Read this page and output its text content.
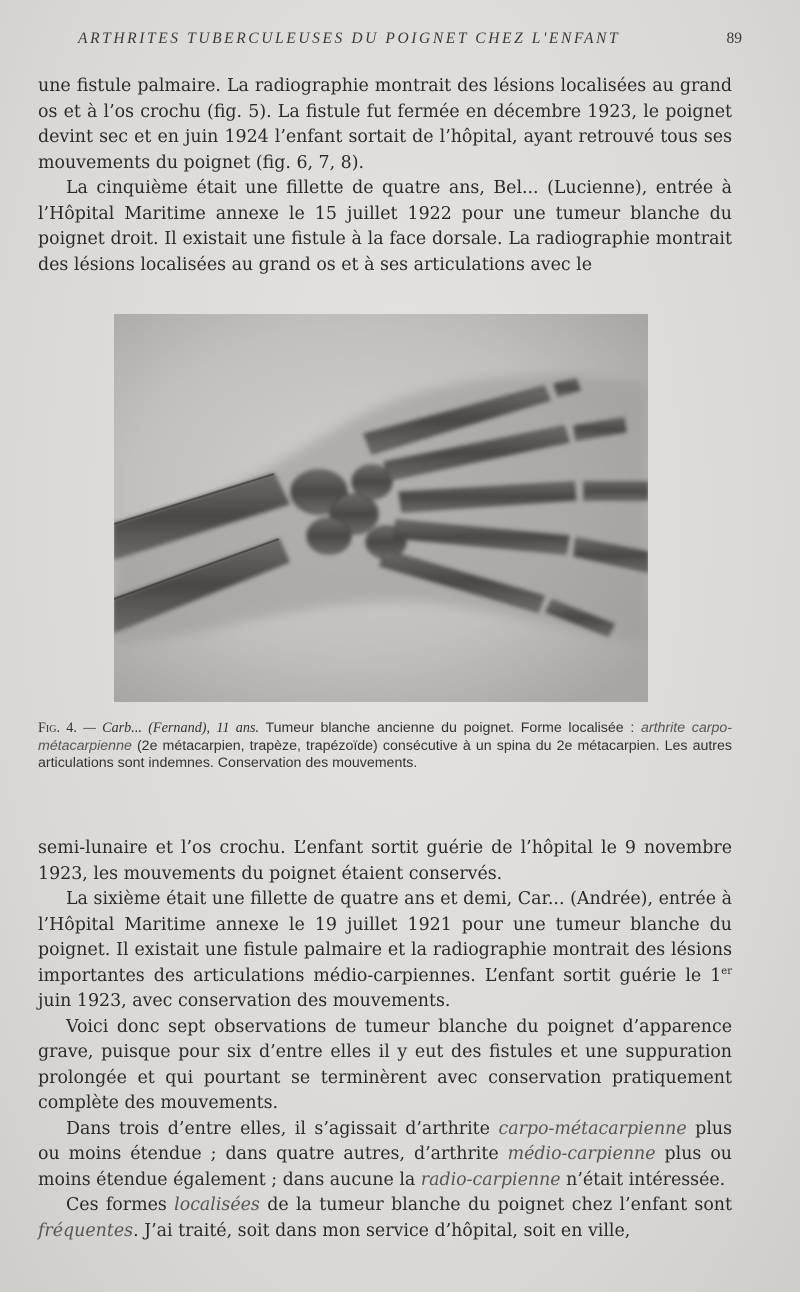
ARTHRITES TUBERCULEUSES DU POIGNET CHEZ L'ENFANT	89

une fistule palmaire. La radiographie montrait des lésions localisées au grand os et à l’os crochu (fig. 5). La fistule fut fermée en décembre 1923, le poignet devint sec et en juin 1924 l’enfant sortait de l’hôpital, ayant retrouvé tous ses mouvements du poignet (fig. 6, 7, 8).

La cinquième était une fillette de quatre ans, Bel... (Lucienne), entrée à l’Hôpital Maritime annexe le 15 juillet 1922 pour une tumeur blanche du poignet droit. Il existait une fistule à la face dorsale. La radiographie montrait des lésions localisées au grand os et à ses articulations avec le

Fig. 4. — Carb... (Fernand), 11 ans. Tumeur blanche ancienne du poignet. Forme localisée : arthrite carpo-métacarpienne (2e métacarpien, trapèze, trapézoïde) consécutive à un spina du 2e métacarpien. Les autres articulations sont indemnes. Conservation des mouvements.

semi-lunaire et l’os crochu. L’enfant sortit guérie de l’hôpital le 9 novembre 1923, les mouvements du poignet étaient conservés.

La sixième était une fillette de quatre ans et demi, Car... (Andrée), entrée à l’Hôpital Maritime annexe le 19 juillet 1921 pour une tumeur blanche du poignet. Il existait une fistule palmaire et la radiographie montrait des lésions importantes des articulations médio-carpiennes. L’enfant sortit guérie le 1er juin 1923, avec conservation des mouvements.

Voici donc sept observations de tumeur blanche du poignet d’apparence grave, puisque pour six d’entre elles il y eut des fistules et une suppuration prolongée et qui pourtant se terminèrent avec conservation pratiquement complète des mouvements.

Dans trois d’entre elles, il s’agissait d’arthrite carpo-métacarpienne plus ou moins étendue ; dans quatre autres, d’arthrite médio-carpienne plus ou moins étendue également ; dans aucune la radio-carpienne n’était intéressée.

Ces formes localisées de la tumeur blanche du poignet chez l’enfant sont fréquentes. J’ai traité, soit dans mon service d’hôpital, soit en ville,
